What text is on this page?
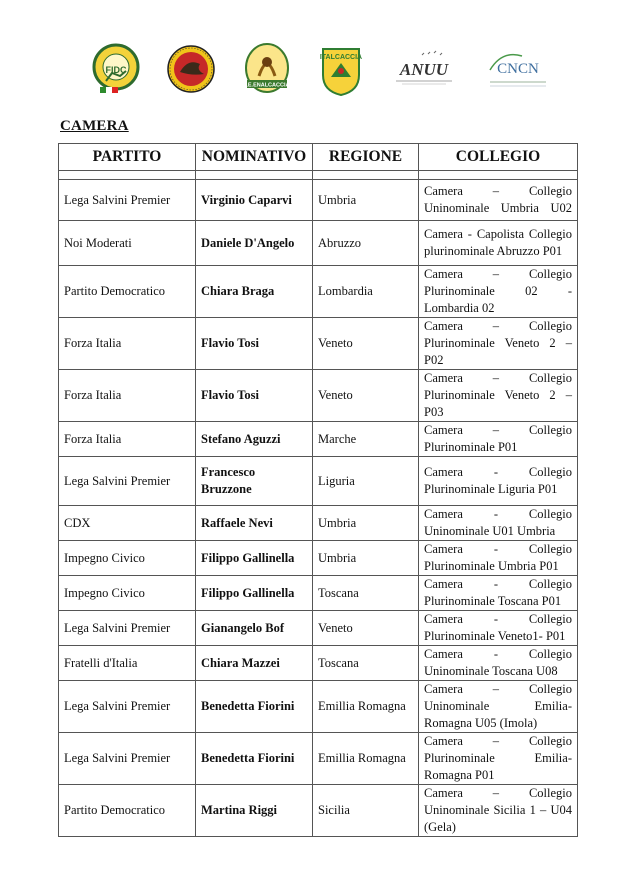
FIDC
LE.ENALCACCIA
ITALCACCIA
ANUU	CNCN
CAMERA
PARTITO	NOMINATIVO	REGIONE	COLLEGIO

Lega Salvini Premier	Virginio Caparvi	Umbria	Camera – Collegio Uninominale Umbria U02
Noi Moderati	Daniele D'Angelo	Abruzzo	Camera - Capolista Collegio plurinominale Abruzzo P01
Partito Democratico	Chiara Braga	Lombardia	Camera – Collegio Plurinominale 02 - Lombardia 02
Forza Italia	Flavio Tosi	Veneto	Camera – Collegio Plurinominale Veneto 2 – P02
Forza Italia	Flavio Tosi	Veneto	Camera – Collegio Plurinominale Veneto 2 – P03
Forza Italia	Stefano Aguzzi	Marche	Camera – Collegio Plurinominale P01
Lega Salvini Premier	Francesco Bruzzone	Liguria	Camera - Collegio Plurinominale Liguria P01
CDX	Raffaele Nevi	Umbria	Camera - Collegio Uninominale U01 Umbria
Impegno Civico	Filippo Gallinella	Umbria	Camera - Collegio Plurinominale Umbria P01
Impegno Civico	Filippo Gallinella	Toscana	Camera - Collegio Plurinominale Toscana P01
Lega Salvini Premier	Gianangelo Bof	Veneto	Camera - Collegio Plurinominale Veneto1- P01
Fratelli d'Italia	Chiara Mazzei	Toscana	Camera - Collegio Uninominale Toscana U08
Lega Salvini Premier	Benedetta Fiorini	Emillia Romagna	Camera – Collegio Uninominale Emilia-Romagna U05 (Imola)
Lega Salvini Premier	Benedetta Fiorini	Emillia Romagna	Camera – Collegio Plurinominale Emilia-Romagna P01
Partito Democratico	Martina Riggi	Sicilia	Camera – Collegio Uninominale Sicilia 1 – U04 (Gela)
